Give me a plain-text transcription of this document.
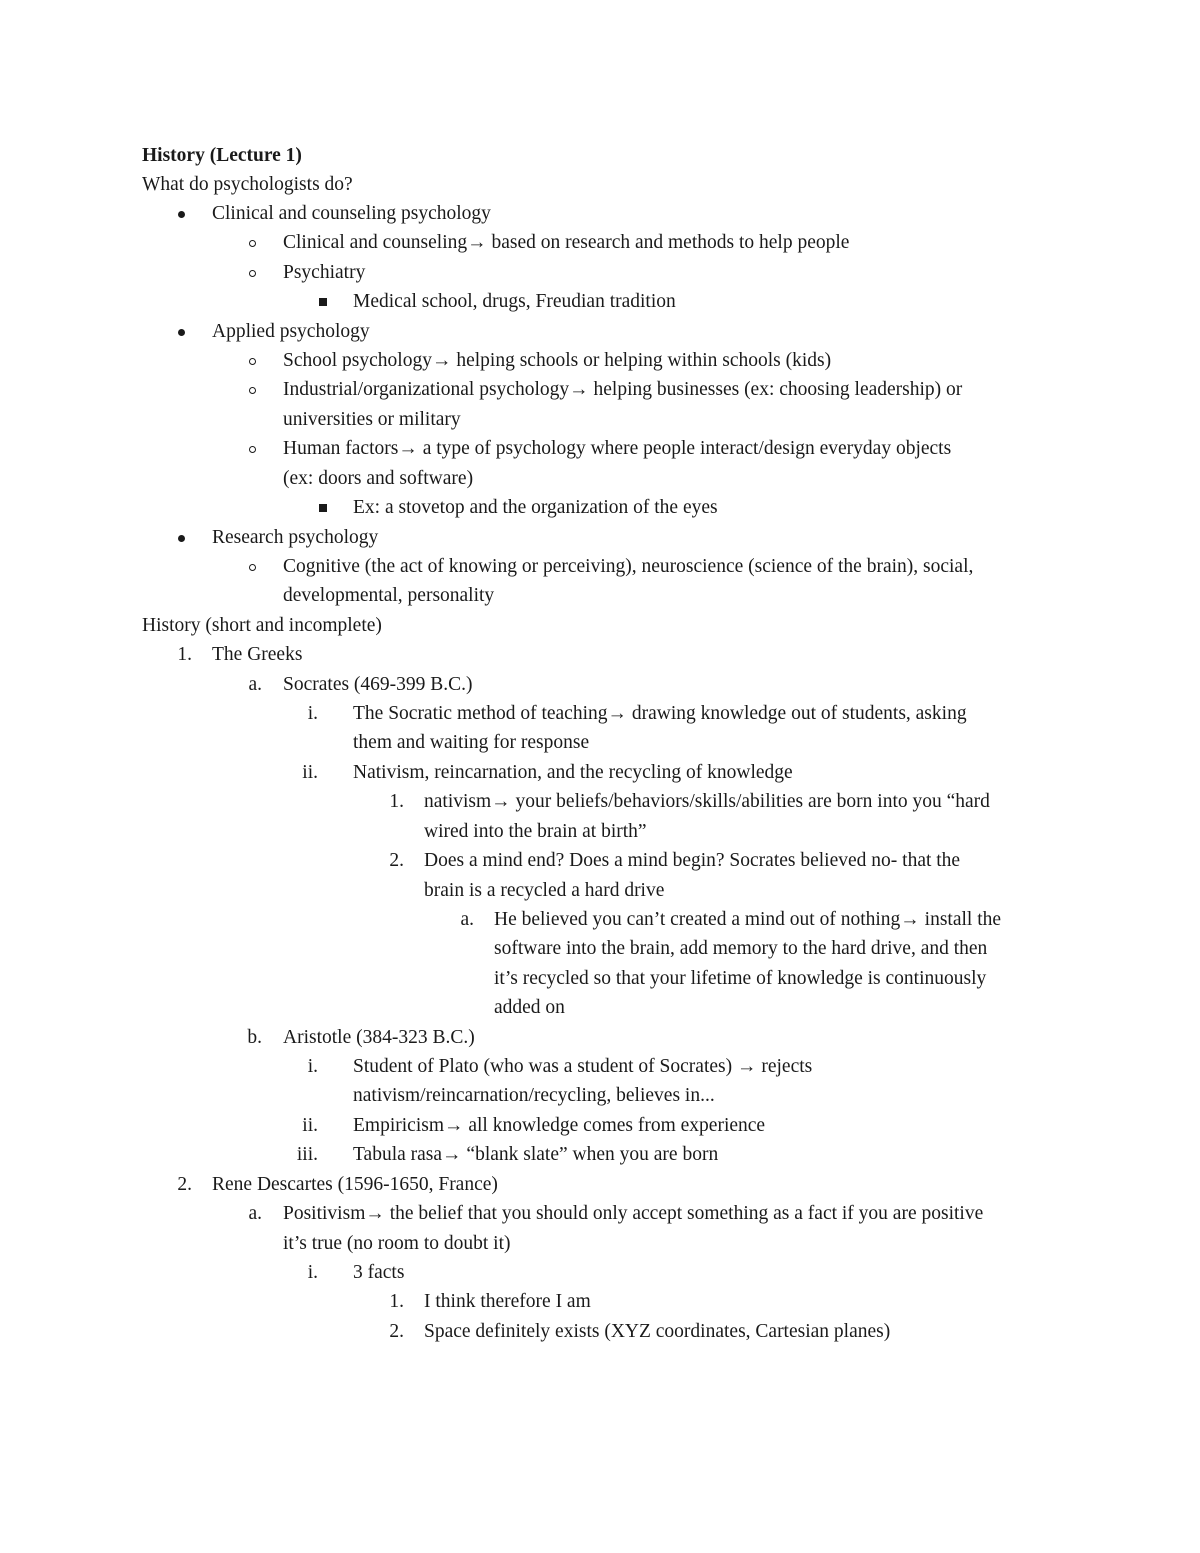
History (Lecture 1)
What do psychologists do?
Clinical and counseling psychology
Clinical and counseling→ based on research and methods to help people
Psychiatry
Medical school, drugs, Freudian tradition
Applied psychology
School psychology→ helping schools or helping within schools (kids)
Industrial/organizational psychology→ helping businesses (ex: choosing leadership) or
universities or military
Human factors→ a type of psychology where people interact/design everyday objects
(ex: doors and software)
Ex: a stovetop and the organization of the eyes
Research psychology
Cognitive (the act of knowing or perceiving), neuroscience (science of the brain), social,
developmental, personality
History (short and incomplete)
1. The Greeks
a. Socrates (469-399 B.C.)
i. The Socratic method of teaching→ drawing knowledge out of students, asking
them and waiting for response
ii. Nativism, reincarnation, and the recycling of knowledge
1. nativism→ your beliefs/behaviors/skills/abilities are born into you “hard
wired into the brain at birth”
2. Does a mind end? Does a mind begin? Socrates believed no- that the
brain is a recycled a hard drive
a. He believed you can’t created a mind out of nothing→ install the
software into the brain, add memory to the hard drive, and then
it’s recycled so that your lifetime of knowledge is continuously
added on
b. Aristotle (384-323 B.C.)
i. Student of Plato (who was a student of Socrates) → rejects
nativism/reincarnation/recycling, believes in...
ii. Empiricism→ all knowledge comes from experience
iii. Tabula rasa→ “blank slate” when you are born
2. Rene Descartes (1596-1650, France)
a. Positivism→ the belief that you should only accept something as a fact if you are positive
it’s true (no room to doubt it)
i. 3 facts
1. I think therefore I am
2. Space definitely exists (XYZ coordinates, Cartesian planes)
